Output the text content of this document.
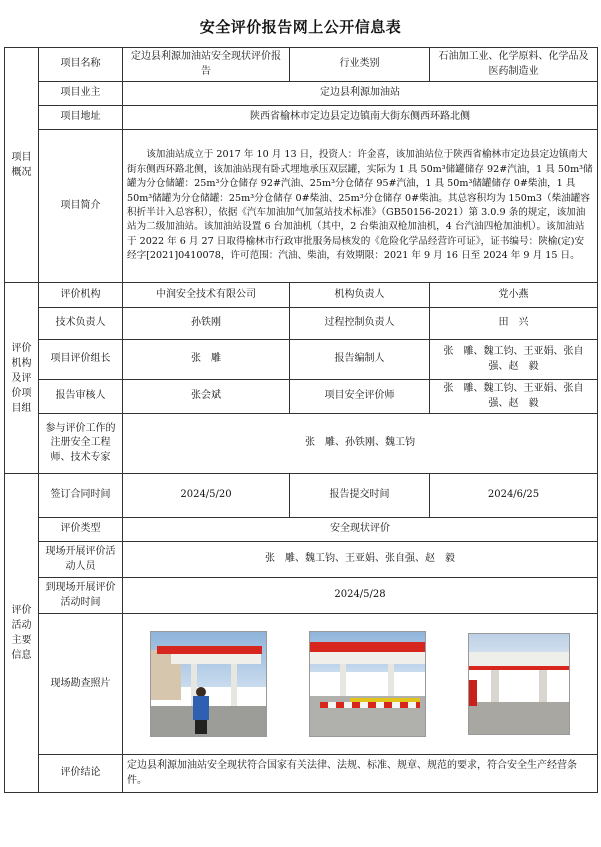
安全评价报告网上公开信息表
项目概况	项目名称	定边县利源加油站安全现状评价报告	行业类别	石油加工业、化学原料、化学品及医药制造业
	项目业主	定边县利源加油站		
	项目地址	陕西省榆林市定边县定边镇南大街东侧西环路北侧		
	项目简介	该加油站成立于 2017 年 10 月 13 日，投资人：许金喜，该加油站位于陕西省榆林市定边县定边镇南大街东侧西环路北侧，该加油站现有卧式埋地承压双层罐，实际为 1 具 50m³储罐储存 92#汽油，1 具 50m³储罐为分仓储罐：25m³分仓储存 92#汽油、25m³分仓储存 95#汽油，1 具 50m³储罐储存 0#柴油，1 具 50m³储罐为分仓储罐：25m³分仓储存 0#柴油、25m³分仓储存 0#柴油。其总容积均为 150m3（柴油罐容积折半计入总容积），依据《汽车加油加气加氢站技术标准》（GB50156-2021）第 3.0.9 条的规定，该加油站为二级加油站。该加油站设置 6 台加油机（其中，2 台柴油双枪加油机，4 台汽油四枪加油机）。该加油站于 2022 年 6 月 27 日取得榆林市行政审批服务局核发的《危险化学品经营许可证》，证书编号：陕榆(定)安经字[2021]0410078，许可范围：汽油、柴油，有效期限：2021 年 9 月 16 日至 2024 年 9 月 15 日。		
评价机构及评价项目组	评价机构	中润安全技术有限公司	机构负责人	党小燕
	技术负责人	孙铁刚	过程控制负责人	田　兴
	项目评价组长	张　雕	报告编制人	张　雕、魏工钧、王亚娟、张自强、赵　毅
	报告审核人	张会斌	项目安全评价师	张　雕、魏工钧、王亚娟、张自强、赵　毅
	参与评价工作的注册安全工程师、技术专家	张　雕、孙铁刚、魏工钧		
评价活动主要信息	签订合同时间	2024/5/20	报告提交时间	2024/6/25
	评价类型	安全现状评价		
	现场开展评价活动人员	张　雕、魏工钧、王亚娟、张自强、赵　毅		
	到现场开展评价活动时间	2024/5/28		
	现场勘查照片			

	评价结论	定边县利源加油站安全现状符合国家有关法律、法规、标准、规章、规范的要求，符合安全生产经营条件。		
